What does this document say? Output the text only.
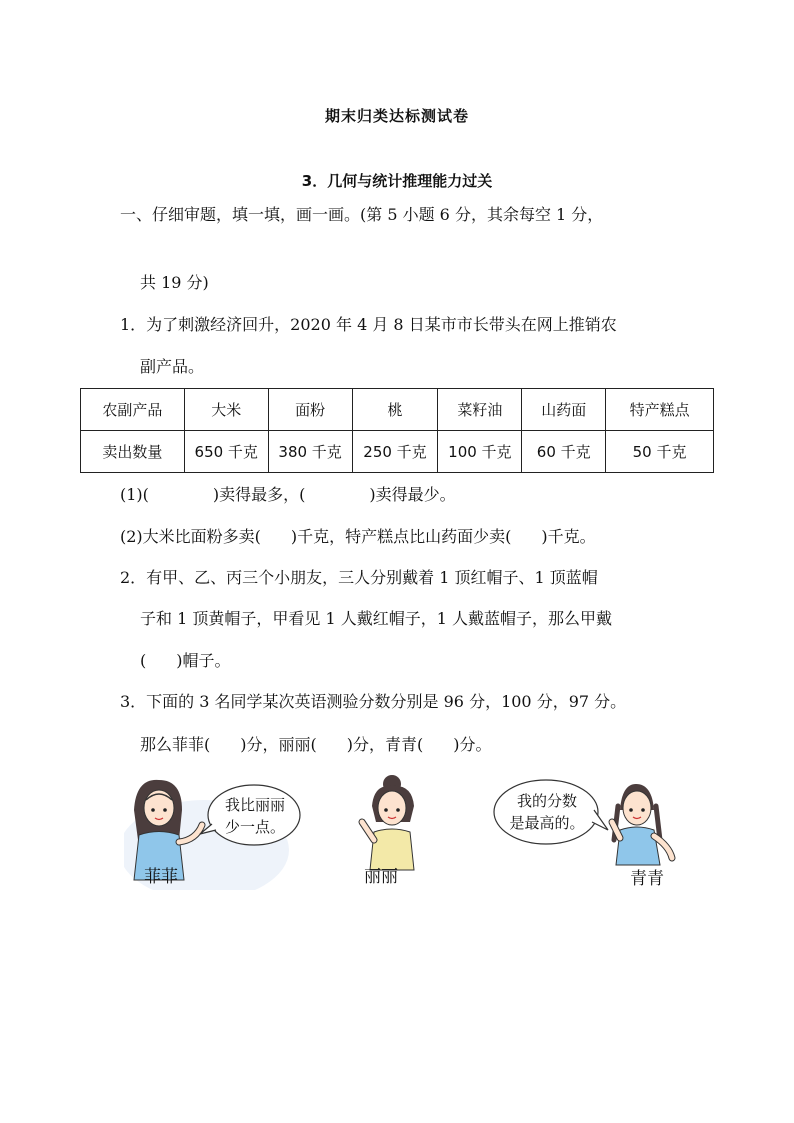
期末归类达标测试卷
3．几何与统计推理能力过关
一、仔细审题，填一填，画一画。(第 5 小题 6 分，其余每空 1 分，
共 19 分)
1．为了刺激经济回升，2020 年 4 月 8 日某市市长带头在网上推销农
副产品。
农副产品	大米	面粉	桃	菜籽油	山药面	特产糕点
卖出数量	650 千克	380 千克	250 千克	100 千克	60 千克	50 千克
(1)(	)卖得最多，(	)卖得最少。
(2)大米比面粉多卖( )千克，特产糕点比山药面少卖( )千克。
2．有甲、乙、丙三个小朋友，三人分别戴着 1 顶红帽子、1 顶蓝帽
子和 1 顶黄帽子，甲看见 1 人戴红帽子，1 人戴蓝帽子，那么甲戴
( )帽子。
3．下面的 3 名同学某次英语测验分数分别是 96 分，100 分，97 分。
那么菲菲( )分，丽丽( )分，青青( )分。
我比丽丽
少一点。
我的分数
是最高的。
菲菲	丽丽	青青
